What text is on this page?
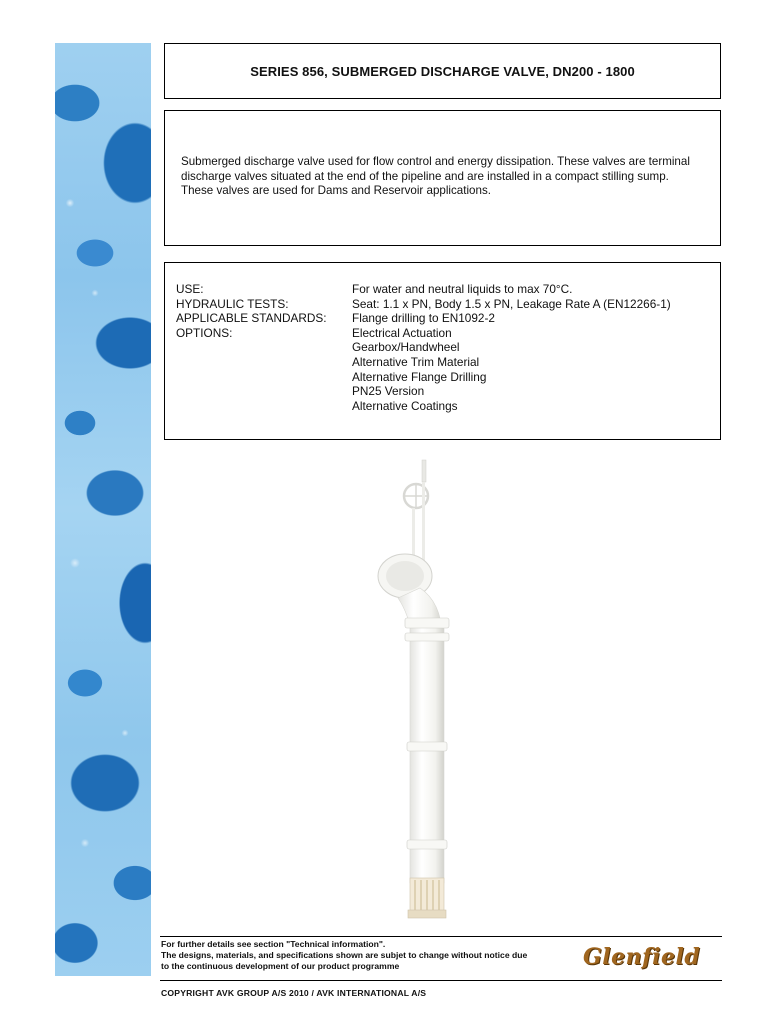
SERIES 856, SUBMERGED DISCHARGE VALVE, DN200 - 1800

Submerged discharge valve used for flow control and energy dissipation. These valves are terminal discharge valves situated at the end of the pipeline and are installed in a compact stilling sump. These valves are used for Dams and Reservoir applications.

USE:	For water and neutral liquids to max 70°C.
HYDRAULIC TESTS:	Seat: 1.1 x PN, Body 1.5 x PN, Leakage Rate A (EN12266-1)
APPLICABLE STANDARDS:	Flange drilling to EN1092-2
OPTIONS:	Electrical Actuation
Gearbox/Handwheel
Alternative Trim Material
Alternative Flange Drilling
PN25 Version
Alternative Coatings
For further details see section "Technical information".
The designs, materials, and specifications shown are subjet to change without notice due
to the continuous development of our product programme	Glenfield
COPYRIGHT AVK GROUP A/S 2010 / AVK INTERNATIONAL A/S
